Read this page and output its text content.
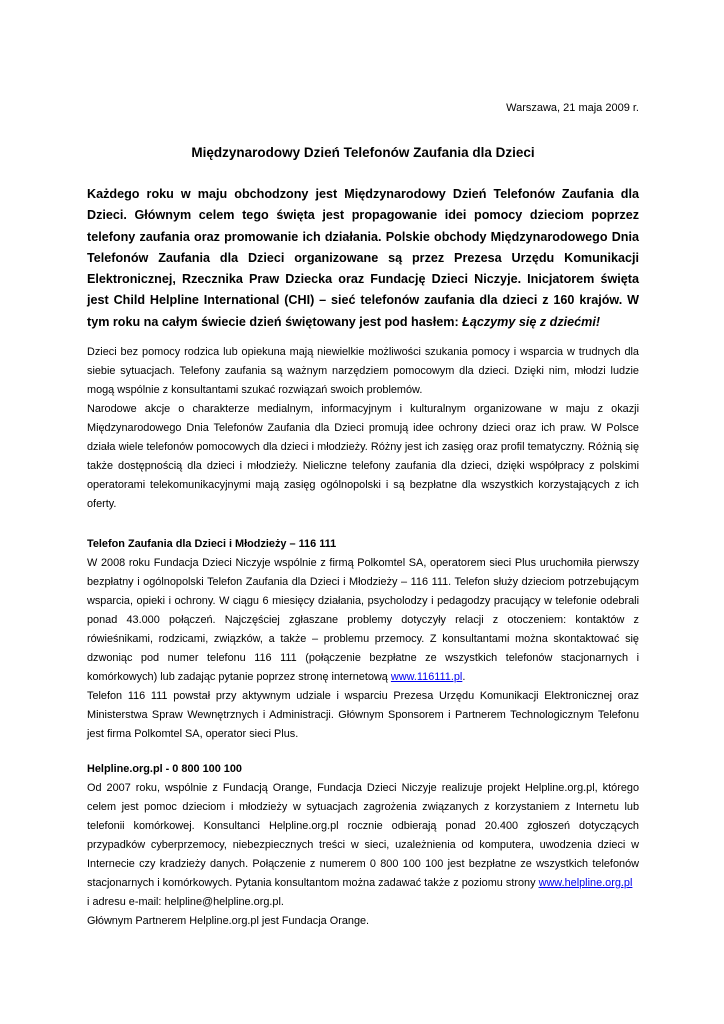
Warszawa, 21 maja 2009 r.
Międzynarodowy Dzień Telefonów Zaufania dla Dzieci

Każdego roku w maju obchodzony jest Międzynarodowy Dzień Telefonów Zaufania dla Dzieci. Głównym celem tego święta jest propagowanie idei pomocy dzieciom poprzez telefony zaufania oraz promowanie ich działania. Polskie obchody Międzynarodowego Dnia Telefonów Zaufania dla Dzieci organizowane są przez Prezesa Urzędu Komunikacji Elektronicznej, Rzecznika Praw Dziecka oraz Fundację Dzieci Niczyje. Inicjatorem święta jest Child Helpline International (CHI) – sieć telefonów zaufania dla dzieci z 160 krajów. W tym roku na całym świecie dzień świętowany jest pod hasłem: Łączymy się z dziećmi!

Dzieci bez pomocy rodzica lub opiekuna mają niewielkie możliwości szukania pomocy i wsparcia w trudnych dla siebie sytuacjach. Telefony zaufania są ważnym narzędziem pomocowym dla dzieci. Dzięki nim, młodzi ludzie mogą wspólnie z konsultantami szukać rozwiązań swoich problemów.

Narodowe akcje o charakterze medialnym, informacyjnym i kulturalnym organizowane w maju z okazji Międzynarodowego Dnia Telefonów Zaufania dla Dzieci promują idee ochrony dzieci oraz ich praw. W Polsce działa wiele telefonów pomocowych dla dzieci i młodzieży. Różny jest ich zasięg oraz profil tematyczny. Różnią się także dostępnością dla dzieci i młodzieży. Nieliczne telefony zaufania dla dzieci, dzięki współpracy z polskimi operatorami telekomunikacyjnymi mają zasięg ogólnopolski i są bezpłatne dla wszystkich korzystających z ich oferty.

Telefon Zaufania dla Dzieci i Młodzieży – 116 111

W 2008 roku Fundacja Dzieci Niczyje wspólnie z firmą Polkomtel SA, operatorem sieci Plus uruchomiła pierwszy bezpłatny i ogólnopolski Telefon Zaufania dla Dzieci i Młodzieży – 116 111. Telefon służy dzieciom potrzebującym wsparcia, opieki i ochrony. W ciągu 6 miesięcy działania, psycholodzy i pedagodzy pracujący w telefonie odebrali ponad 43.000 połączeń. Najczęściej zgłaszane problemy dotyczyły relacji z otoczeniem: kontaktów z rówieśnikami, rodzicami, związków, a także – problemu przemocy. Z konsultantami można skontaktować się dzwoniąc pod numer telefonu 116 111 (połączenie bezpłatne ze wszystkich telefonów stacjonarnych i komórkowych) lub zadając pytanie poprzez stronę internetową www.116111.pl.

Telefon 116 111 powstał przy aktywnym udziale i wsparciu Prezesa Urzędu Komunikacji Elektronicznej oraz Ministerstwa Spraw Wewnętrznych i Administracji. Głównym Sponsorem i Partnerem Technologicznym Telefonu jest firma Polkomtel SA, operator sieci Plus.

Helpline.org.pl - 0 800 100 100

Od 2007 roku, wspólnie z Fundacją Orange, Fundacja Dzieci Niczyje realizuje projekt Helpline.org.pl, którego celem jest pomoc dzieciom i młodzieży w sytuacjach zagrożenia związanych z korzystaniem z Internetu lub telefonii komórkowej. Konsultanci Helpline.org.pl rocznie odbierają ponad 20.400 zgłoszeń dotyczących przypadków cyberprzemocy, niebezpiecznych treści w sieci, uzależnienia od komputera, uwodzenia dzieci w Internecie czy kradzieży danych. Połączenie z numerem 0 800 100 100 jest bezpłatne ze wszystkich telefonów stacjonarnych i komórkowych. Pytania konsultantom można zadawać także z poziomu strony www.helpline.org.pl

i adresu e-mail: helpline@helpline.org.pl.

Głównym Partnerem Helpline.org.pl jest Fundacja Orange.
